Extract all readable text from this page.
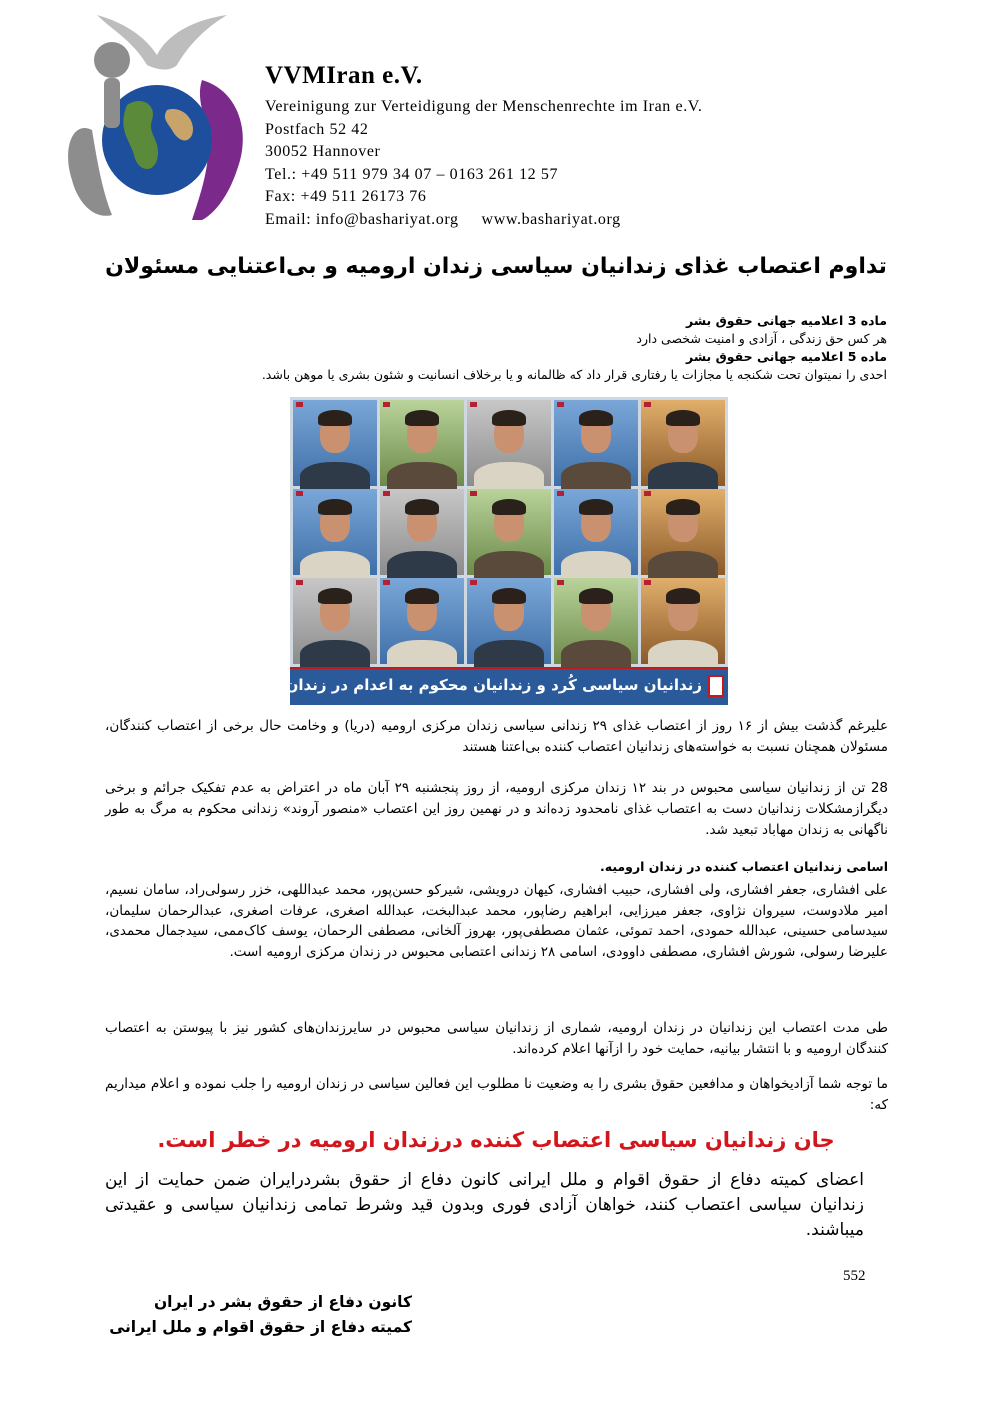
VVMIran e.V.
Vereinigung zur Verteidigung der Menschenrechte im Iran e.V.
Postfach 52 42
30052 Hannover
Tel.: +49 511 979 34 07 – 0163 261 12 57
Fax: +49 511 26173 76
Email: info@bashariyat.org     www.bashariyat.org
تداوم اعتصاب غذای زندانیان سیاسی زندان ارومیه و بی‌اعتنایی مسئولان
ماده 3 اعلامیه جهانی حقوق بشر
هر کس حق زندگی ، آزادی و امنیت شخصی دارد
ماده 5 اعلامیه جهانی حقوق بشر
احدی را نمیتوان تحت شکنجه یا مجازات یا رفتاری قرار داد که ظالمانه و یا برخلاف انسانیت و شئون بشری یا موهن باشد.
زندانیان سیاسی کُرد و زندانیان محکوم به اعدام در زندان ارومیه
علیرغم گذشت بیش از ۱۶ روز از اعتصاب غذای ۲۹ زندانی سیاسی زندان مرکزی ارومیه (دریا) و وخامت حال برخی از اعتصاب کنندگان، مسئولان همچنان نسبت به خواسته‌های زندانیان اعتصاب کننده بی‌اعتنا هستند
28 تن از زندانیان سیاسی محبوس در بند ۱۲ زندان مرکزی ارومیه، از روز پنجشنبه ۲۹ آبان ماه در اعتراض به عدم تفکیک جرائم و برخی دیگرازمشکلات زندانیان دست به اعتصاب غذای نامحدود زده‌اند و در نهمین روز این اعتصاب «منصور آروند» زندانی محکوم به مرگ به طور ناگهانی به زندان مهاباد تبعید شد.
اسامی زندانیان اعتصاب کننده در زندان ارومیه.
علی افشاری، جعفر افشاری، ولی افشاری، حبیب افشاری، کیهان درویشی، شیرکو حسن‌پور، محمد عبداللهی، خزر رسولی‌راد، سامان نسیم، امیر ملادوست، سیروان نژاوی، جعفر میرزایی، ابراهیم رضاپور، محمد عبدالبخت، عبدالله اصغری، عرفات اصغری، عبدالرحمان سلیمان، سیدسامی حسینی، عبدالله حمودی، احمد تموئی، عثمان مصطفی‌پور، بهروز آلخانی، مصطفی الرحمان، یوسف کاک‌ممی، سیدجمال محمدی، علیرضا رسولی، شورش افشاری، مصطفی داوودی، اسامی ۲۸ زندانی اعتصابی محبوس در زندان مرکزی ارومیه است.
طی مدت اعتصاب این زندانیان در زندان ارومیه، شماری از زندانیان سیاسی محبوس در سایرزندان‌های کشور نیز با پیوستن به اعتصاب کنندگان ارومیه و با انتشار بیانیه، حمایت خود را ازآنها اعلام کرده‌اند.
ما توجه شما آزادیخواهان و مدافعین حقوق بشری را به وضعیت نا مطلوب این فعالین سیاسی در زندان ارومیه را جلب نموده و اعلام میداریم که:
جان زندانیان سیاسی اعتصاب کننده درزندان ارومیه در خطر است.
اعضای کمیته دفاع از حقوق اقوام و ملل ایرانی کانون دفاع از حقوق بشردرایران ضمن حمایت از این زندانیان سیاسی اعتصاب کنند، خواهان آزادی فوری وبدون قید وشرط تمامی زندانیان سیاسی و عقیدتی میباشند.
552
کانون دفاع از حقوق بشر در ایران
کمیته دفاع از حقوق اقوام و ملل ایرانی
